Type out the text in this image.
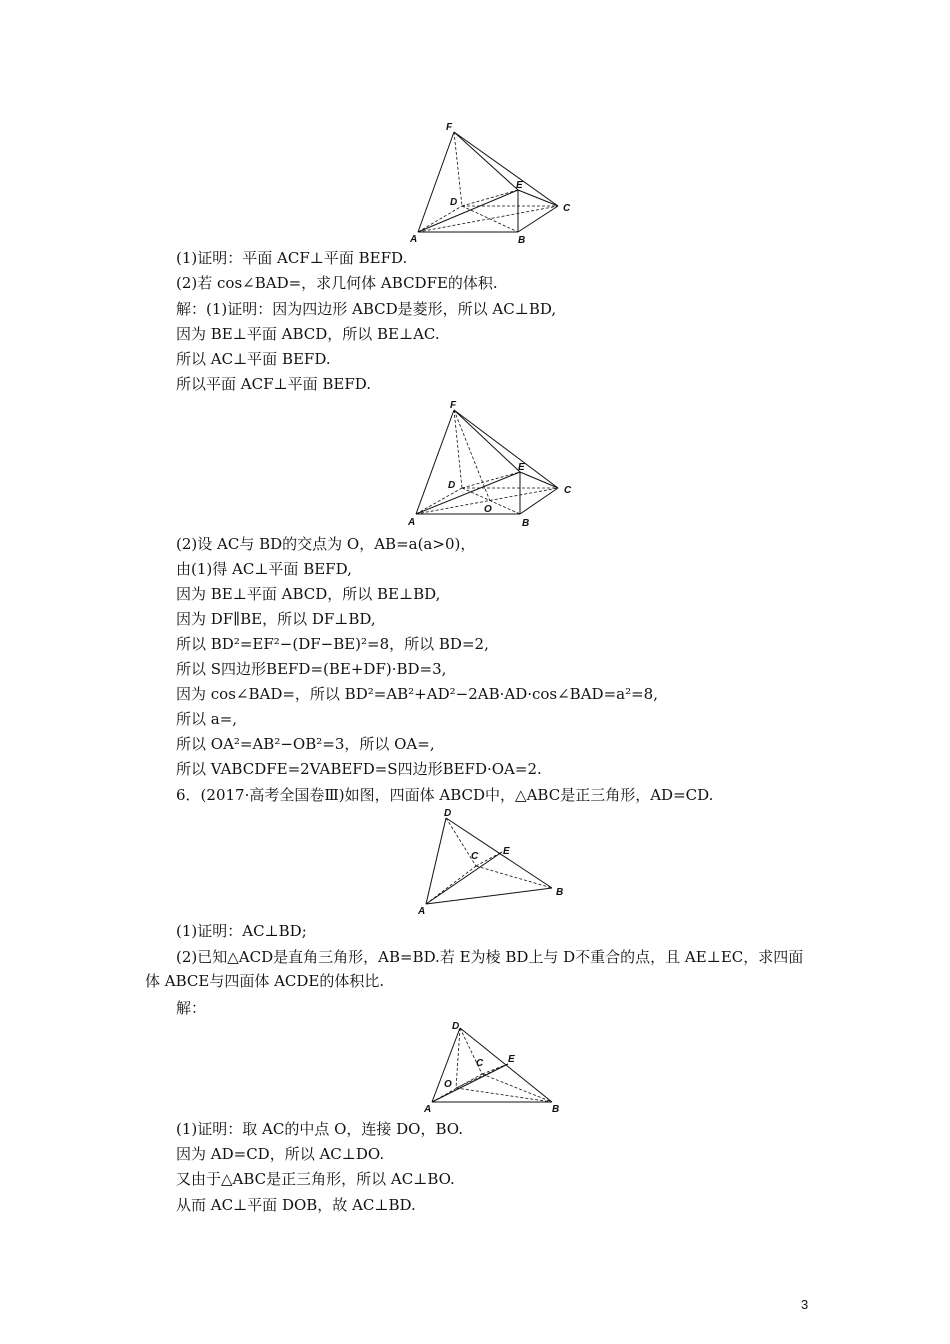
F
E
D
C
A	B
(1)证明：平面 ACF⊥平面 BEFD.
(2)若 cos∠BAD=，求几何体 ABCDFE的体积.
解：(1)证明：因为四边形 ABCD是菱形，所以 AC⊥BD,
因为 BE⊥平面 ABCD，所以 BE⊥AC.
所以 AC⊥平面 BEFD.
所以平面 ACF⊥平面 BEFD.
F
E
D	C
O
A	B
(2)设 AC与 BD的交点为 O，AB=a(a>0)，
由(1)得 AC⊥平面 BEFD,
因为 BE⊥平面 ABCD，所以 BE⊥BD,
因为 DF∥BE，所以 DF⊥BD,
所以 BD²=EF²−(DF−BE)²=8，所以 BD=2,
所以 S四边形BEFD=(BE+DF)·BD=3,
因为 cos∠BAD=，所以 BD²=AB²+AD²−2AB·AD·cos∠BAD=a²=8,
所以 a=,
所以 OA²=AB²−OB²=3，所以 OA=,
所以 VABCDFE=2VABEFD=S四边形BEFD·OA=2.
6．(2017·高考全国卷Ⅲ)如图，四面体 ABCD中，△ABC是正三角形，AD=CD.
D
E
C
B
A
(1)证明：AC⊥BD;
(2)已知△ACD是直角三角形，AB=BD.若 E为棱 BD上与 D不重合的点，且 AE⊥EC，求四面体 ABCE与四面体 ACDE的体积比.
解：
D
C E
O
A	B
(1)证明：取 AC的中点 O，连接 DO，BO.
因为 AD=CD，所以 AC⊥DO.
又由于△ABC是正三角形，所以 AC⊥BO.
从而 AC⊥平面 DOB，故 AC⊥BD.
3
